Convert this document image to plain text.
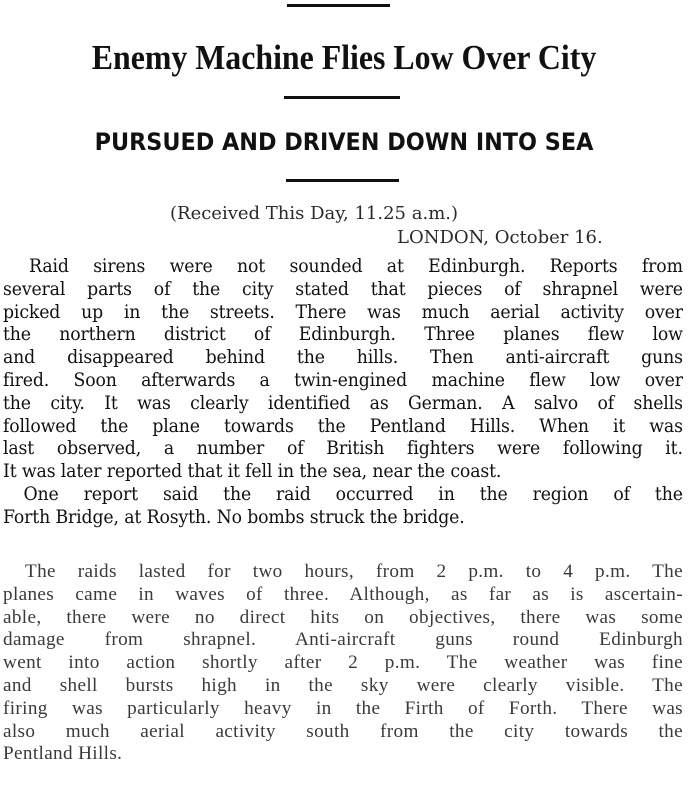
Enemy Machine Flies Low Over City
PURSUED AND DRIVEN DOWN INTO SEA
(Received This Day, 11.25 a.m.)
LONDON, October 16.
Raid sirens were not sounded at Edinburgh. Reports from
several parts of the city stated that pieces of shrapnel were
picked up in the streets. There was much aerial activity over
the northern district of Edinburgh. Three planes flew low
and disappeared behind the hills. Then anti-aircraft guns
fired. Soon afterwards a twin-engined machine flew low over
the city. It was clearly identified as German. A salvo of shells
followed the plane towards the Pentland Hills. When it was
last observed, a number of British fighters were following it.
It was later reported that it fell in the sea, near the coast.
One report said the raid occurred in the region of the
Forth Bridge, at Rosyth. No bombs struck the bridge.
The raids lasted for two hours, from 2 p.m. to 4 p.m. The
planes came in waves of three. Although, as far as is ascertain-
able, there were no direct hits on objectives, there was some
damage from shrapnel. Anti-aircraft guns round Edinburgh
went into action shortly after 2 p.m. The weather was fine
and shell bursts high in the sky were clearly visible. The
firing was particularly heavy in the Firth of Forth. There was
also much aerial activity south from the city towards the
Pentland Hills.
